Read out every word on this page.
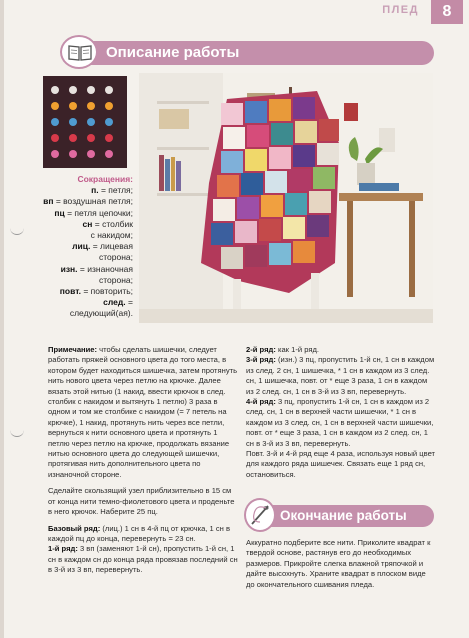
ПЛЕД	8
Описание работы
Сокращения:
п. = петля;
вп = воздушная петля;
пц = петля цепочки;
сн = столбик
с накидом;
лиц. = лицевая
сторона;
изн. = изнаночная
сторона;
повт. = повторить;
след. = следующий(ая).

Примечание: чтобы сделать шишечки, следует работать пряжей основного цвета до того места, в котором будет находиться шишечка, затем протянуть нить нового цвета через петлю на крючке. Далее вязать этой нитью (1 накид, ввести крючок в след. столбик с накидом и вытянуть 1 петлю) 3 раза в одном и том же столбике с накидом (= 7 петель на крючке), 1 накид, протянуть нить через все петли, вернуться к нити основного цвета и протянуть 1 петлю через петлю на крючке, продолжать вязание нитью основного цвета до следующей шишечки, протягивая нить дополнительного цвета по изнаночной стороне.

Сделайте скользящий узел приблизительно в 15 см от конца нити темно-фиолетового цвета и проденьте в него крючок. Наберите 25 пц.

Базовый ряд: (лиц.) 1 сн в 4-й пц от крючка, 1 сн в каждой пц до конца, перевернуть = 23 сн.

1-й ряд: 3 вп (заменяют 1-й сн), пропустить 1-й сн, 1 сн в каждом сн до конца ряда провязав последний сн в 3-й из 3 вп, перевернуть.

2-й ряд: как 1-й ряд.

3-й ряд: (изн.) 3 пц, пропустить 1-й сн, 1 сн в каждом из след. 2 сн, 1 шишечка, * 1 сн в каждом из 3 след. сн, 1 шишечка, повт. от * еще 3 раза, 1 сн в каждом из 2 след. сн, 1 сн в 3-й из 3 вп, перевернуть.

4-й ряд: 3 пц, пропустить 1-й сн, 1 сн в каждом из 2 след. сн, 1 сн в верхней части шишечки, * 1 сн в каждом из 3 след. сн, 1 сн в верхней части шишечки, повт. от * еще 3 раза, 1 сн в каждом из 2 след. сн, 1 сн в 3-й из 3 вп, перевернуть.

Повт. 3-й и 4-й ряд еще 4 раза, используя новый цвет для каждого ряда шишечек. Связать еще 1 ряд сн, остановиться.

Окончание работы
Аккуратно подберите все нити. Приколите квадрат к твердой основе, растянув его до необходимых размеров. Прикройте слегка влажной тряпочкой и дайте высохнуть. Храните квадрат в плоском виде до окончательного сшивания пледа.
